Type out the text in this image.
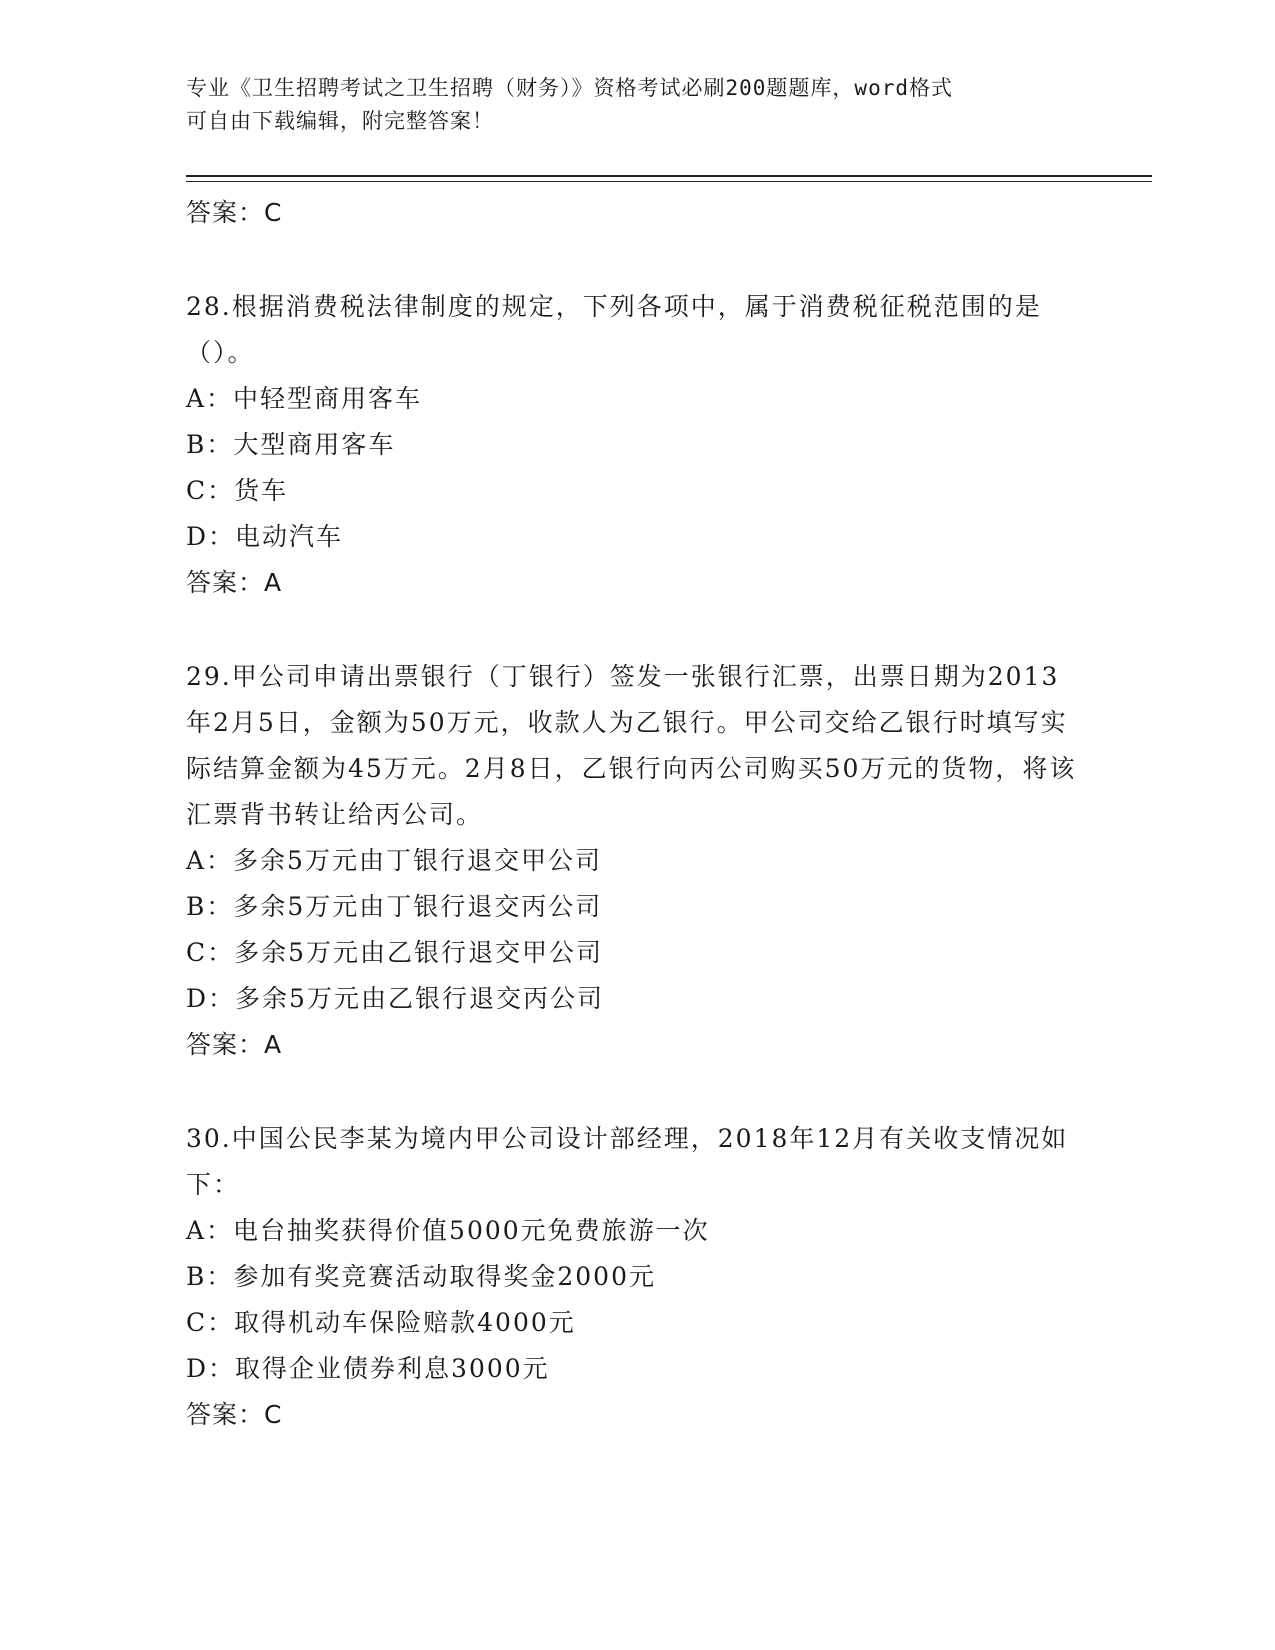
专业《卫生招聘考试之卫生招聘（财务）》资格考试必刷200题题库，word格式
可自由下载编辑，附完整答案！
答案：C
28.根据消费税法律制度的规定，下列各项中，属于消费税征税范围的是（）。
A：中轻型商用客车
B：大型商用客车
C：货车
D：电动汽车
答案：A
29.甲公司申请出票银行（丁银行）签发一张银行汇票，出票日期为2013年2月5日，金额为50万元，收款人为乙银行。甲公司交给乙银行时填写实际结算金额为45万元。2月8日，乙银行向丙公司购买50万元的货物，将该汇票背书转让给丙公司。
A：多余5万元由丁银行退交甲公司
B：多余5万元由丁银行退交丙公司
C：多余5万元由乙银行退交甲公司
D：多余5万元由乙银行退交丙公司
答案：A
30.中国公民李某为境内甲公司设计部经理，2018年12月有关收支情况如下：
A：电台抽奖获得价值5000元免费旅游一次
B：参加有奖竞赛活动取得奖金2000元
C：取得机动车保险赔款4000元
D：取得企业债券利息3000元
答案：C
